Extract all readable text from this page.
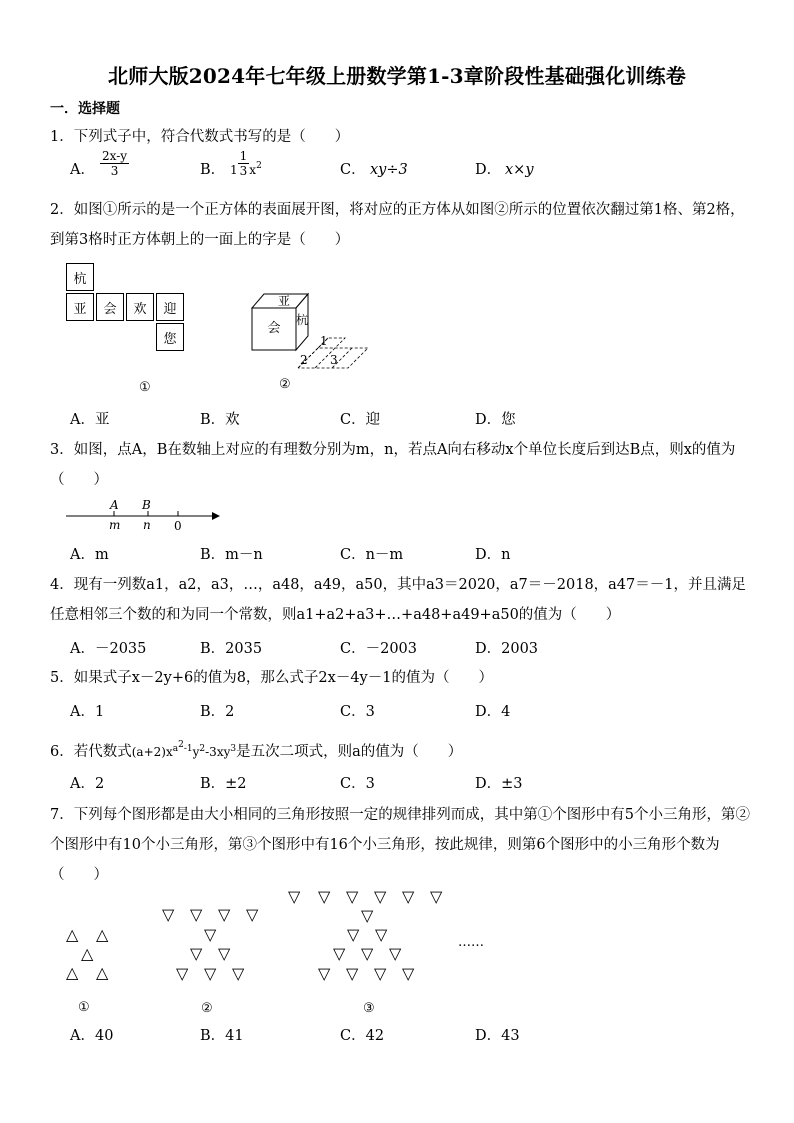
北师大版2024年七年级上册数学第1-3章阶段性基础强化训练卷
一．选择题
1．下列式子中，符合代数式书写的是（　　）
A． $\frac{2x-y}{3}$	B． $1 \frac{1}{3} x^2$	C． xy÷3	D． x×y
2．如图①所示的是一个正方体的表面展开图，将对应的正方体从如图②所示的位置依次翻过第1格、第2格，到第3格时正方体朝上的一面上的字是（　　）
杭
亚	会	欢	迎
您
①
亚
会
杭
1
2 3
②
A．亚	B．欢	C．迎	D．您
3．如图，点A，B在数轴上对应的有理数分别为m，n，若点A向右移动x个单位长度后到达B点，则x的值为（　　）
A B
m n 0
A．m	B．m－n	C．n－m	D．n
4．现有一列数a1，a2，a3，…，a48，a49，a50，其中a3＝2020，a7＝－2018，a47＝－1，并且满足任意相邻三个数的和为同一个常数，则a1+a2+a3+…+a48+a49+a50的值为（　　）
A．－2035	B．2035	C．－2003	D．2003
5．如果式子x－2y+6的值为8，那么式子2x－4y－1的值为（　　）
A．1	B．2	C．3	D．4
6．若代数式$(a+2)x^{a^2-1}y^2-3xy^3$是五次二项式，则a的值为（　　）
A．2	B．±2	C．3	D．±3
7．下列每个图形都是由大小相同的三角形按照一定的规律排列而成，其中第①个图形中有5个小三角形，第②个图形中有10个小三角形，第③个图形中有16个小三角形，按此规律，则第6个图形中的小三角形个数为（　　）
△ △
△
△ △
①
▽ ▽ ▽ ▽
▽
▽ ▽
▽ ▽ ▽
②
▽ ▽ ▽ ▽ ▽ ▽
▽
▽ ▽
▽ ▽ ▽
▽ ▽ ▽ ▽
③
……
A．40	B．41	C．42	D．43
